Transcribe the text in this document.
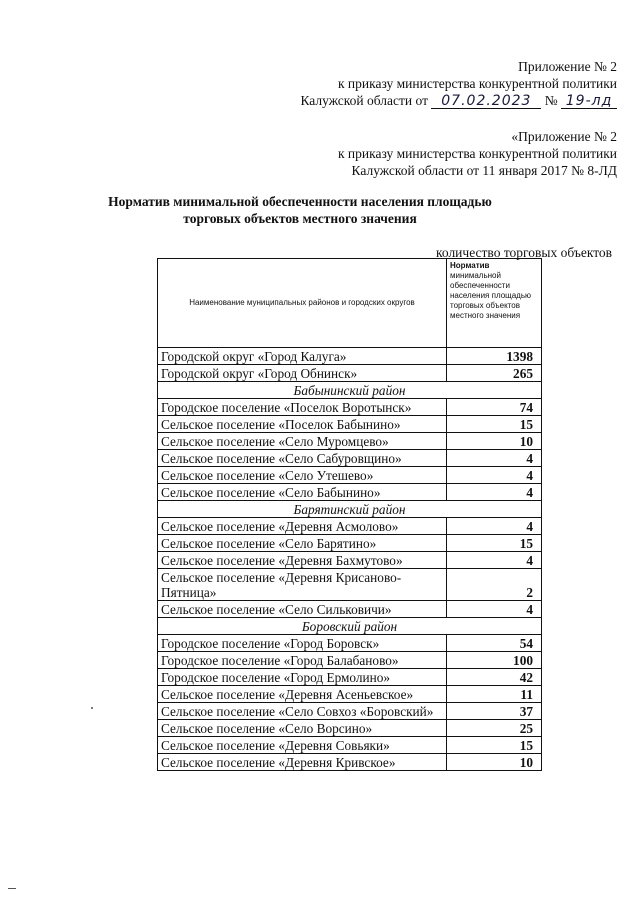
Приложение № 2
к приказу министерства конкурентной политики
Калужской области от 07.02.2023 № 19-лд
«Приложение № 2
к приказу министерства конкурентной политики
Калужской области от 11 января 2017 № 8-ЛД
Норматив минимальной обеспеченности населения площадью торговых объектов местного значения
количество торговых объектов
Наименование муниципальных районов и городских округов	Норматив
минимальной обеспеченности населения площадью торговых объектов местного значения
Городской округ «Город Калуга»	1398
Городской округ «Город Обнинск»	265
Бабынинский район	
Городское поселение «Поселок Воротынск»	74
Сельское поселение «Поселок Бабынино»	15
Сельское поселение «Село Муромцево»	10
Сельское поселение «Село Сабуровщино»	4
Сельское поселение «Село Утешево»	4
Сельское поселение «Село Бабынино»	4
Барятинский район	
Сельское поселение «Деревня Асмолово»	4
Сельское поселение «Село Барятино»	15
Сельское поселение «Деревня Бахмутово»	4
Сельское поселение «Деревня Крисаново-Пятница»	2
Сельское поселение «Село Сильковичи»	4
Боровский район	
Городское поселение «Город Боровск»	54
Городское поселение «Город Балабаново»	100
Городское поселение «Город Ермолино»	42
Сельское поселение «Деревня Асеньевское»	11
Сельское поселение «Село Совхоз «Боровский»	37
Сельское поселение «Село Ворсино»	25
Сельское поселение «Деревня Совьяки»	15
Сельское поселение «Деревня Кривское»	10
